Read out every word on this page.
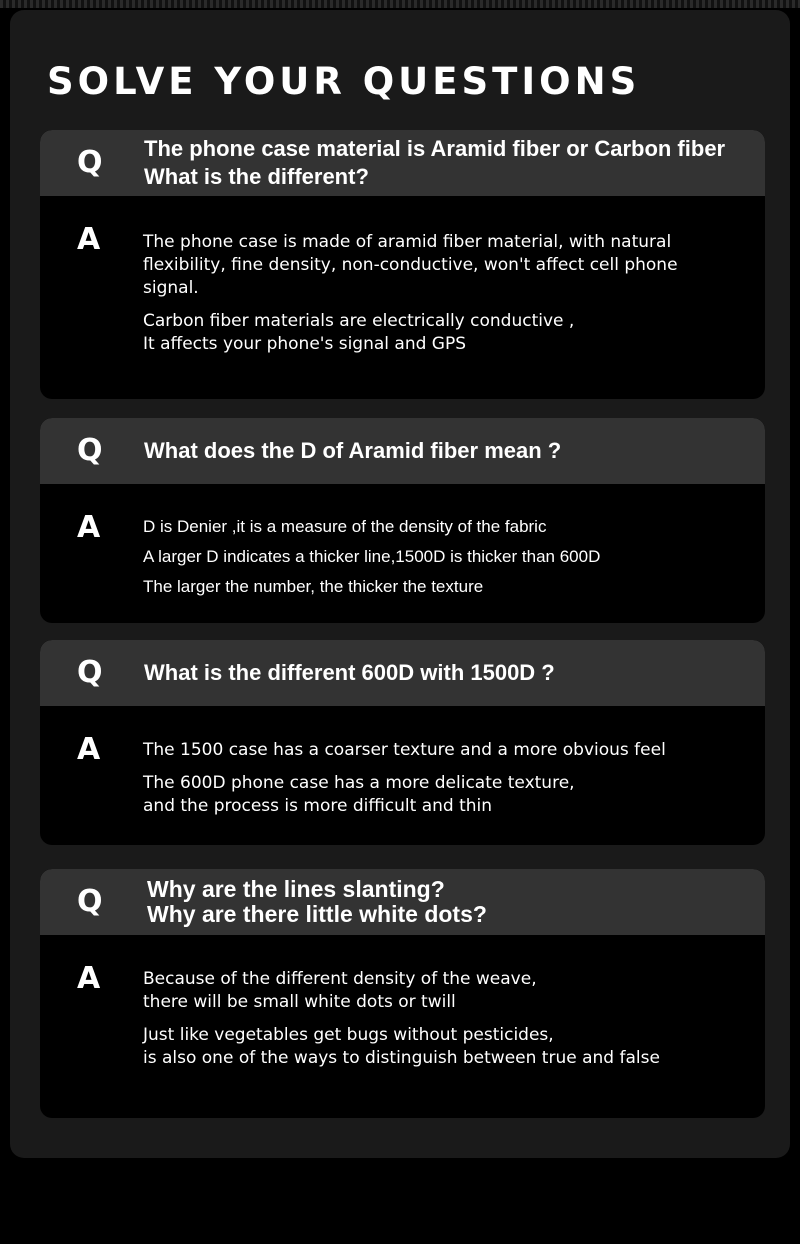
SOLVE YOUR QUESTIONS
Q The phone case material is Aramid fiber or Carbon fiber
What is the different?
A	The phone case is made of aramid fiber material, with natural
flexibility, fine density, non-conductive, won't affect cell phone
signal.

Carbon fiber materials are electrically conductive ,
It affects your phone's signal and GPS

Q What does the D of Aramid fiber mean ?
A	D is Denier ,it is a measure of the density of the fabric

A larger D indicates a thicker line,1500D is thicker than 600D

The larger the number, the thicker the texture

Q What is the different 600D with 1500D ?
A	The 1500 case has a coarser texture and a more obvious feel

The 600D phone case has a more delicate texture,
and the process is more difficult and thin

Q Why are the lines slanting?
Why are there little white dots?
A	Because of the different density of the weave,
there will be small white dots or twill

Just like vegetables get bugs without pesticides,
is also one of the ways to distinguish between true and false
